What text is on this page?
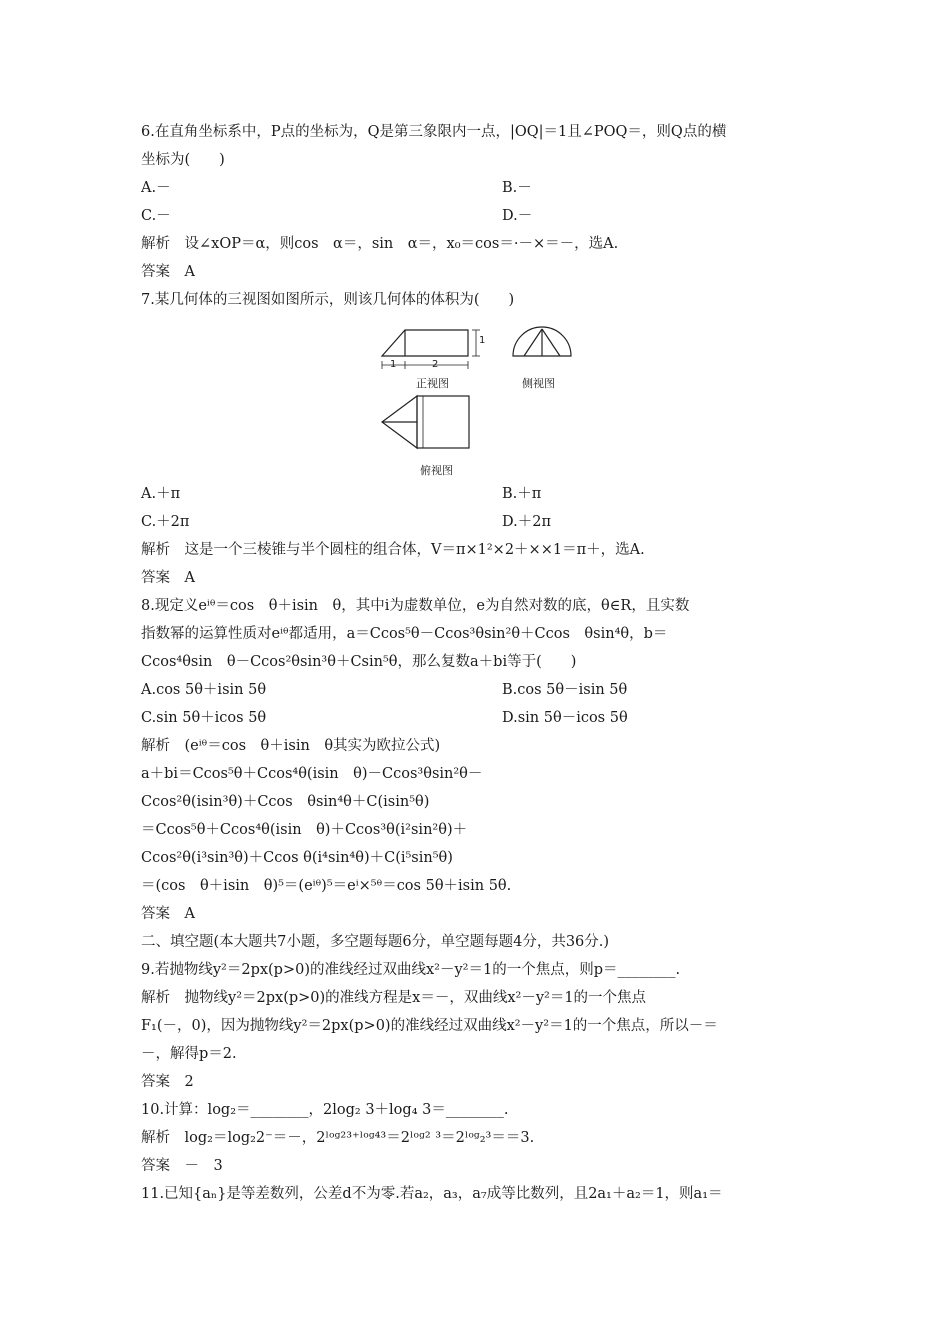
6.在直角坐标系中，P点的坐标为，Q是第三象限内一点，|OQ|＝1且∠POQ＝，则Q点的横
坐标为(　　)
A.－	B.－
C.－	D.－
解析　设∠xOP＝α，则cos　α＝，sin　α＝，x₀＝cos＝·－×＝－，选A.
答案　A
7.某几何体的三视图如图所示，则该几何体的体积为(　　)
1	2
1
正视图	侧视图
俯视图
A.＋π	B.＋π
C.＋2π	D.＋2π
解析　这是一个三棱锥与半个圆柱的组合体，V＝π×1²×2＋××1＝π＋，选A.
答案　A
8.现定义eⁱᶿ＝cos　θ＋isin　θ，其中i为虚数单位，e为自然对数的底，θ∈R，且实数
指数幂的运算性质对eⁱᶿ都适用，a＝Ccos⁵θ－Ccos³θsin²θ＋Ccos　θsin⁴θ，b＝
Ccos⁴θsin　θ－Ccos²θsin³θ＋Csin⁵θ，那么复数a＋bi等于(　　)
A.cos 5θ＋isin 5θ	B.cos 5θ－isin 5θ
C.sin 5θ＋icos 5θ	D.sin 5θ－icos 5θ
解析　(eⁱᶿ＝cos　θ＋isin　θ其实为欧拉公式)
a＋bi＝Ccos⁵θ＋Ccos⁴θ(isin　θ)－Ccos³θsin²θ－
Ccos²θ(isin³θ)＋Ccos　θsin⁴θ＋C(isin⁵θ)
＝Ccos⁵θ＋Ccos⁴θ(isin　θ)＋Ccos³θ(i²sin²θ)＋
Ccos²θ(i³sin³θ)＋Ccos θ(i⁴sin⁴θ)＋C(i⁵sin⁵θ)
＝(cos　θ＋isin　θ)⁵＝(eⁱᶿ)⁵＝eⁱ×⁵ᶿ＝cos 5θ＋isin 5θ.
答案　A
二、填空题(本大题共7小题，多空题每题6分，单空题每题4分，共36分.)
9.若抛物线y²＝2px(p>0)的准线经过双曲线x²－y²＝1的一个焦点，则p＝________.
解析　抛物线y²＝2px(p>0)的准线方程是x＝－，双曲线x²－y²＝1的一个焦点
F₁(－，0)，因为抛物线y²＝2px(p>0)的准线经过双曲线x²－y²＝1的一个焦点，所以－＝
－，解得p＝2.
答案　2
10.计算：log₂＝________，2log₂ 3＋log₄ 3＝________.
解析　log₂＝log₂2⁻＝－，2ˡᵒᵍ²³⁺ˡᵒᵍ⁴³＝2ˡᵒᵍ² ³＝2ˡᵒᵍ₂³＝＝3.
答案　－　3
11.已知{aₙ}是等差数列，公差d不为零.若a₂，a₃，a₇成等比数列，且2a₁＋a₂＝1，则a₁＝
